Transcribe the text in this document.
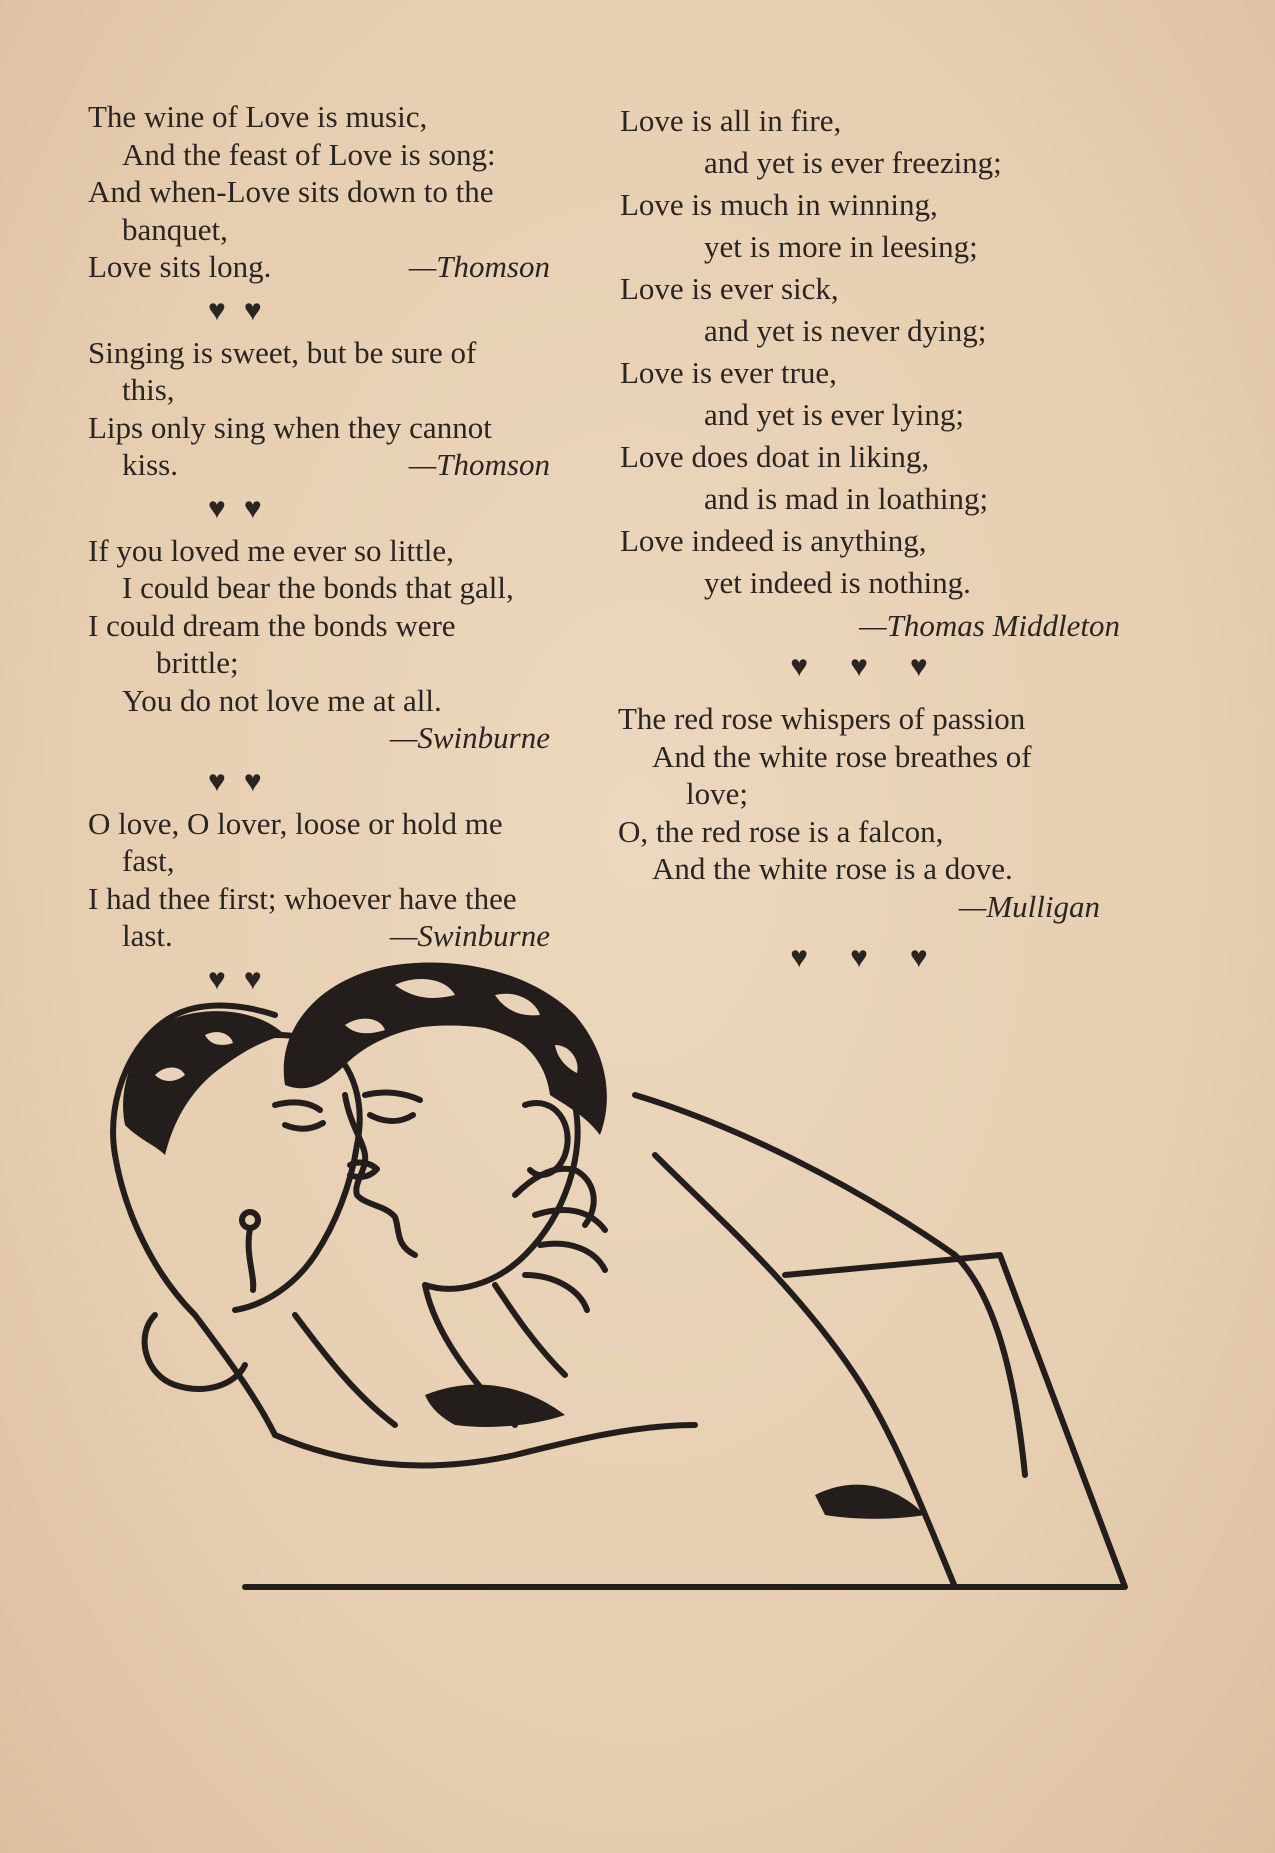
The wine of Love is music,
And the feast of Love is song:
And when-Love sits down to the
banquet,
Love sits long.	—Thomson
♥♥
Singing is sweet, but be sure of
this,
Lips only sing when they cannot
kiss.	—Thomson
♥♥
If you loved me ever so little,
I could bear the bonds that gall,
I could dream the bonds were
brittle;
You do not love me at all.
—Swinburne
♥♥
O love, O lover, loose or hold me
fast,
I had thee first; whoever have thee
last.	—Swinburne
♥♥
Love is all in fire,
and yet is ever freezing;
Love is much in winning,
yet is more in leesing;
Love is ever sick,
and yet is never dying;
Love is ever true,
and yet is ever lying;
Love does doat in liking,
and is mad in loathing;
Love indeed is anything,
yet indeed is nothing.
—Thomas Middleton
♥♥♥
The red rose whispers of passion
And the white rose breathes of
love;
O, the red rose is a falcon,
And the white rose is a dove.
—Mulligan
♥♥♥
